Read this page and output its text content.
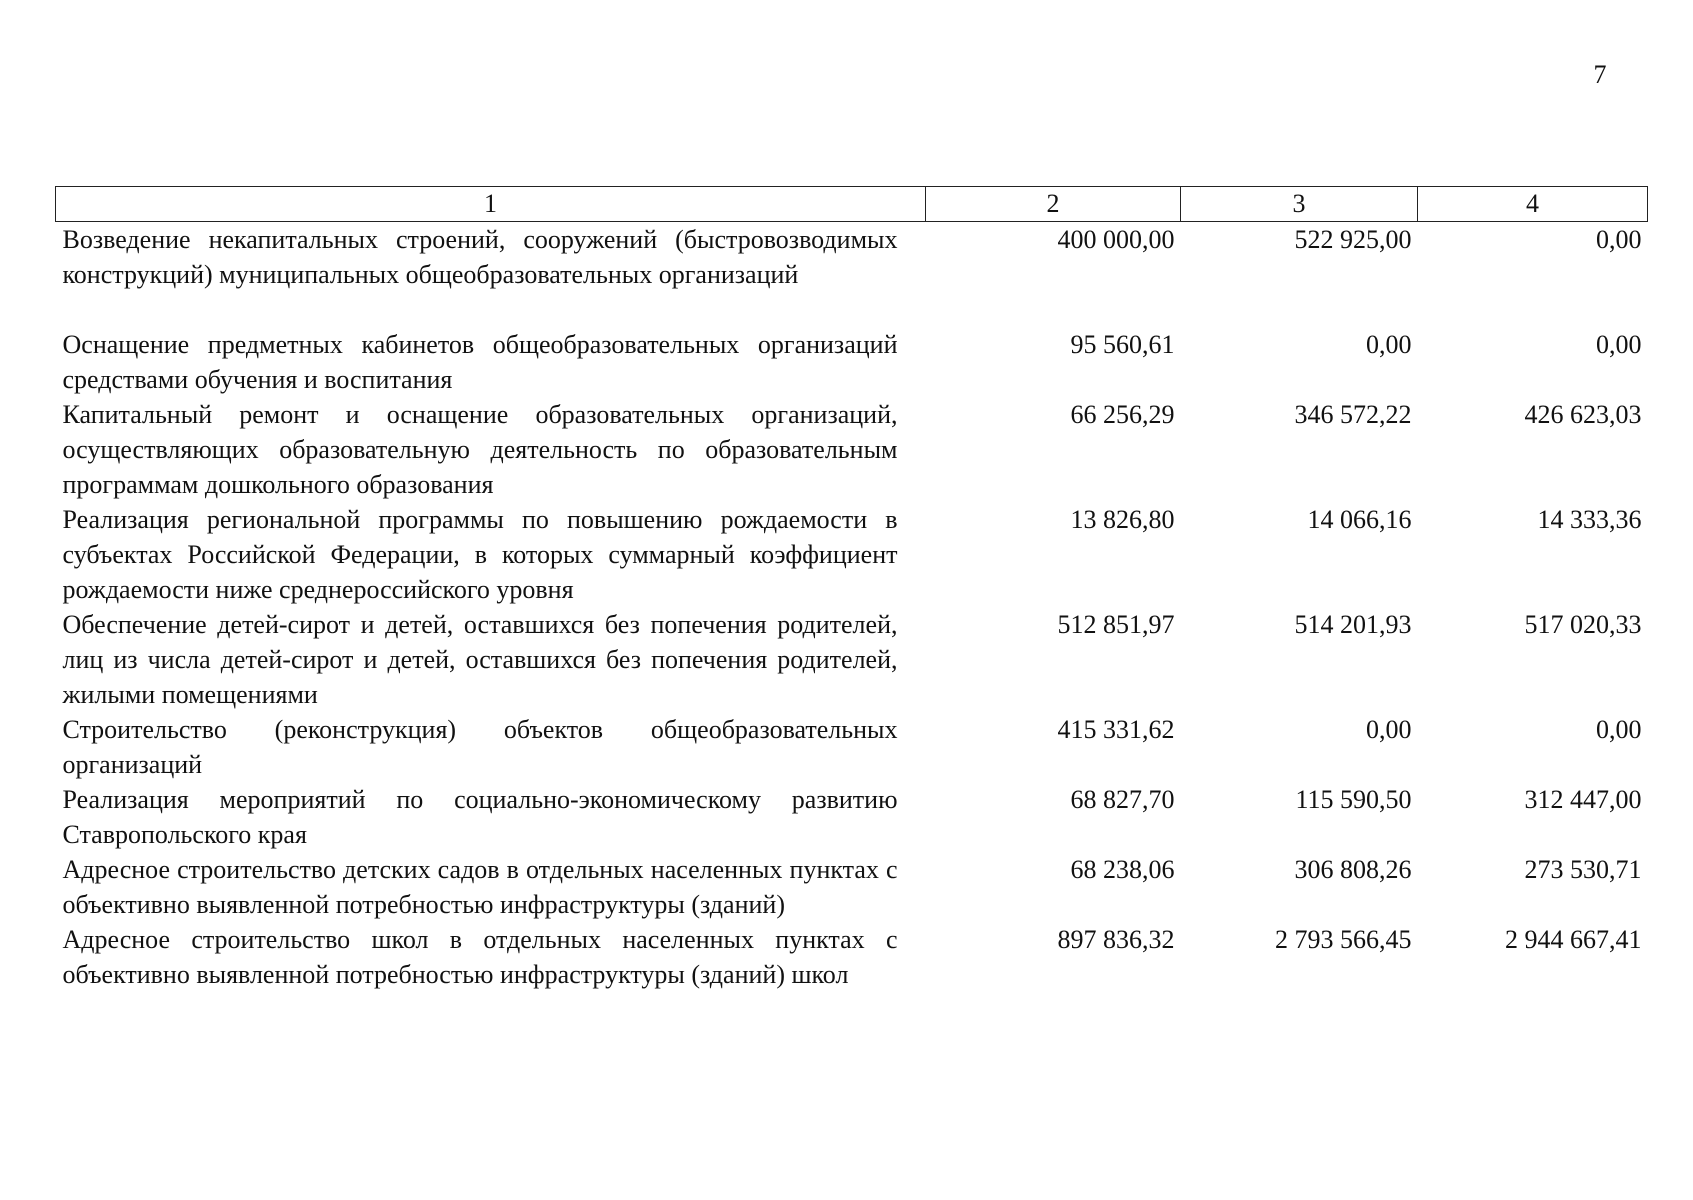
7
1	2	3	4
Возведение некапитальных строений, сооружений (быстровозводимых конструкций) муниципальных общеобразовательных организаций	400 000,00	522 925,00	0,00
Оснащение предметных кабинетов общеобразовательных организаций средствами обучения и воспитания	95 560,61	0,00	0,00
Капитальный ремонт и оснащение образовательных организаций, осуществляющих образовательную деятельность по образовательным программам дошкольного образования	66 256,29	346 572,22	426 623,03
Реализация региональной программы по повышению рождаемости в субъектах Российской Федерации, в которых суммарный коэффициент рождаемости ниже среднероссийского уровня	13 826,80	14 066,16	14 333,36
Обеспечение детей-сирот и детей, оставшихся без попечения родителей, лиц из числа детей-сирот и детей, оставшихся без попечения родителей, жилыми помещениями	512 851,97	514 201,93	517 020,33
Строительство (реконструкция) объектов общеобразовательных организаций	415 331,62	0,00	0,00
Реализация мероприятий по социально-экономическому развитию Ставропольского края	68 827,70	115 590,50	312 447,00
Адресное строительство детских садов в отдельных населенных пунктах с объективно выявленной потребностью инфраструктуры (зданий)	68 238,06	306 808,26	273 530,71
Адресное строительство школ в отдельных населенных пунктах с объективно выявленной потребностью инфраструктуры (зданий) школ	897 836,32	2 793 566,45	2 944 667,41
